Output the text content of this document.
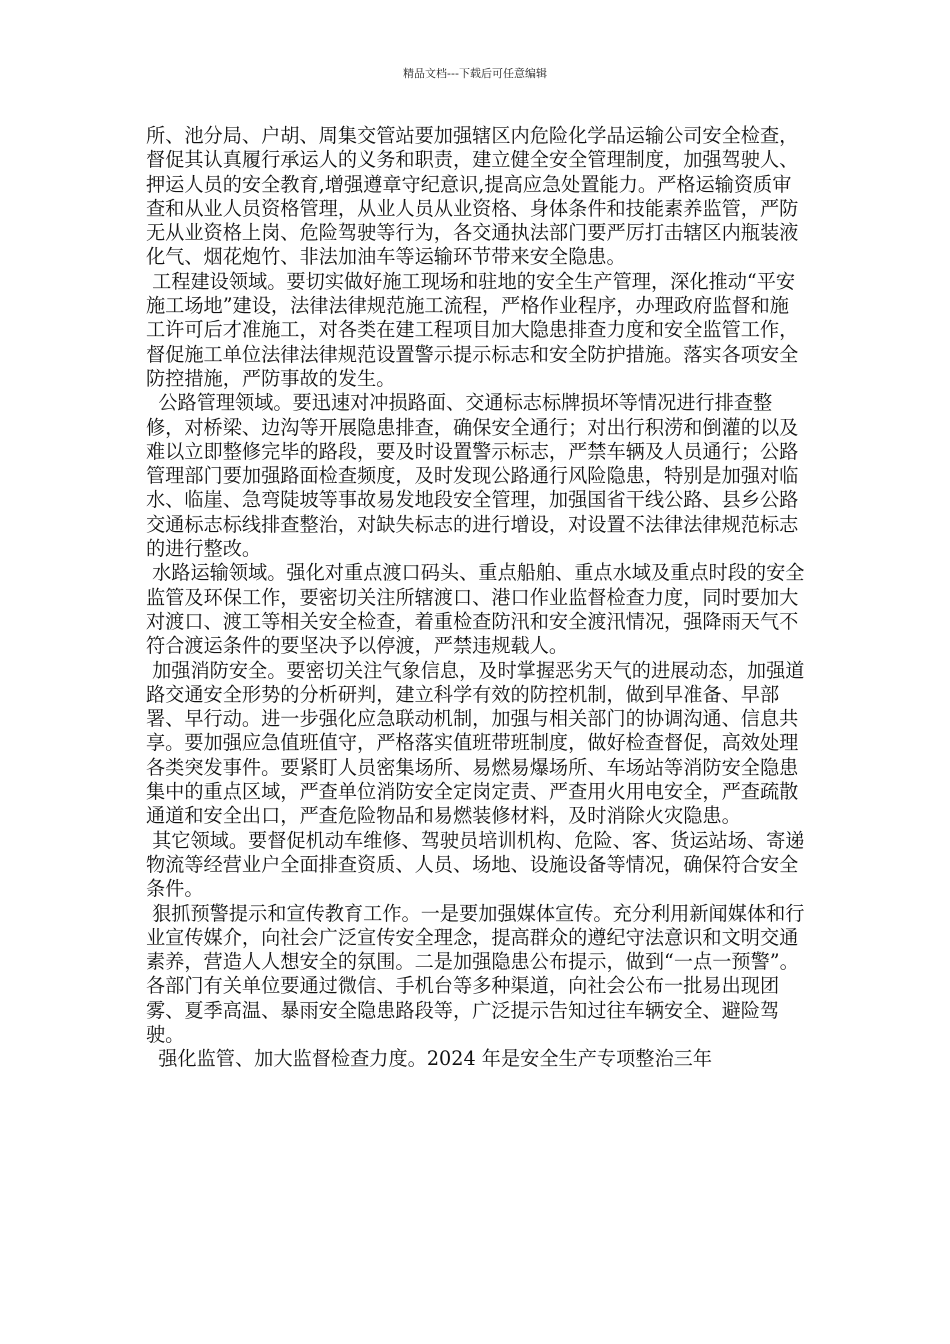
精品文档---下载后可任意编辑

所、池分局、户胡、周集交管站要加强辖区内危险化学品运输公司安全检查，督促其认真履行承运人的义务和职责，建立健全安全管理制度，加强驾驶人、押运人员的安全教育,增强遵章守纪意识,提高应急处置能力。严格运输资质审查和从业人员资格管理，从业人员从业资格、身体条件和技能素养监管，严防无从业资格上岗、危险驾驶等行为，各交通执法部门要严厉打击辖区内瓶装液化气、烟花炮竹、非法加油车等运输环节带来安全隐患。

工程建设领域。要切实做好施工现场和驻地的安全生产管理，深化推动“平安施工场地”建设，法律法律规范施工流程，严格作业程序，办理政府监督和施工许可后才准施工，对各类在建工程项目加大隐患排查力度和安全监管工作，督促施工单位法律法律规范设置警示提示标志和安全防护措施。落实各项安全防控措施，严防事故的发生。

公路管理领域。要迅速对冲损路面、交通标志标牌损坏等情况进行排查整修，对桥梁、边沟等开展隐患排查，确保安全通行；对出行积涝和倒灌的以及难以立即整修完毕的路段，要及时设置警示标志，严禁车辆及人员通行；公路管理部门要加强路面检查频度，及时发现公路通行风险隐患，特别是加强对临水、临崖、急弯陡坡等事故易发地段安全管理，加强国省干线公路、县乡公路交通标志标线排查整治，对缺失标志的进行增设，对设置不法律法律规范标志的进行整改。

水路运输领域。强化对重点渡口码头、重点船舶、重点水域及重点时段的安全监管及环保工作，要密切关注所辖渡口、港口作业监督检查力度，同时要加大对渡口、渡工等相关安全检查，着重检查防汛和安全渡汛情况，强降雨天气不符合渡运条件的要坚决予以停渡，严禁违规载人。

加强消防安全。要密切关注气象信息，及时掌握恶劣天气的进展动态，加强道路交通安全形势的分析研判，建立科学有效的防控机制，做到早准备、早部署、早行动。进一步强化应急联动机制，加强与相关部门的协调沟通、信息共享。要加强应急值班值守，严格落实值班带班制度，做好检查督促，高效处理各类突发事件。要紧盯人员密集场所、易燃易爆场所、车场站等消防安全隐患集中的重点区域，严查单位消防安全定岗定责、严查用火用电安全，严查疏散通道和安全出口，严查危险物品和易燃装修材料，及时消除火灾隐患。

其它领域。要督促机动车维修、驾驶员培训机构、危险、客、货运站场、寄递物流等经营业户全面排查资质、人员、场地、设施设备等情况，确保符合安全条件。

狠抓预警提示和宣传教育工作。一是要加强媒体宣传。充分利用新闻媒体和行业宣传媒介，向社会广泛宣传安全理念，提高群众的遵纪守法意识和文明交通素养，营造人人想安全的氛围。二是加强隐患公布提示，做到“一点一预警”。各部门有关单位要通过微信、手机台等多种渠道，向社会公布一批易出现团雾、夏季高温、暴雨安全隐患路段等，广泛提示告知过往车辆安全、避险驾驶。

强化监管、加大监督检查力度。2024 年是安全生产专项整治三年
